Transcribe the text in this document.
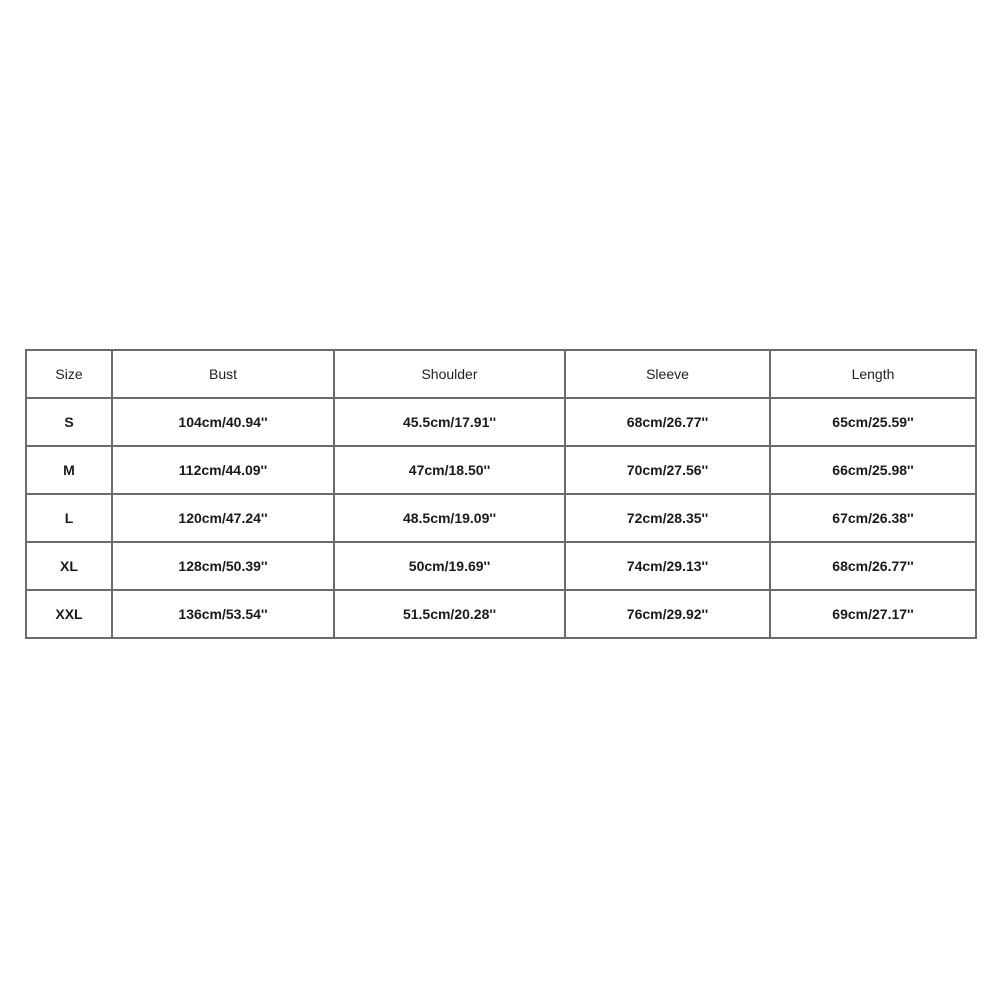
Size	Bust	Shoulder	Sleeve	Length
S	104cm/40.94''	45.5cm/17.91''	68cm/26.77''	65cm/25.59''
M	112cm/44.09''	47cm/18.50''	70cm/27.56''	66cm/25.98''
L	120cm/47.24''	48.5cm/19.09''	72cm/28.35''	67cm/26.38''
XL	128cm/50.39''	50cm/19.69''	74cm/29.13''	68cm/26.77''
XXL	136cm/53.54''	51.5cm/20.28''	76cm/29.92''	69cm/27.17''
